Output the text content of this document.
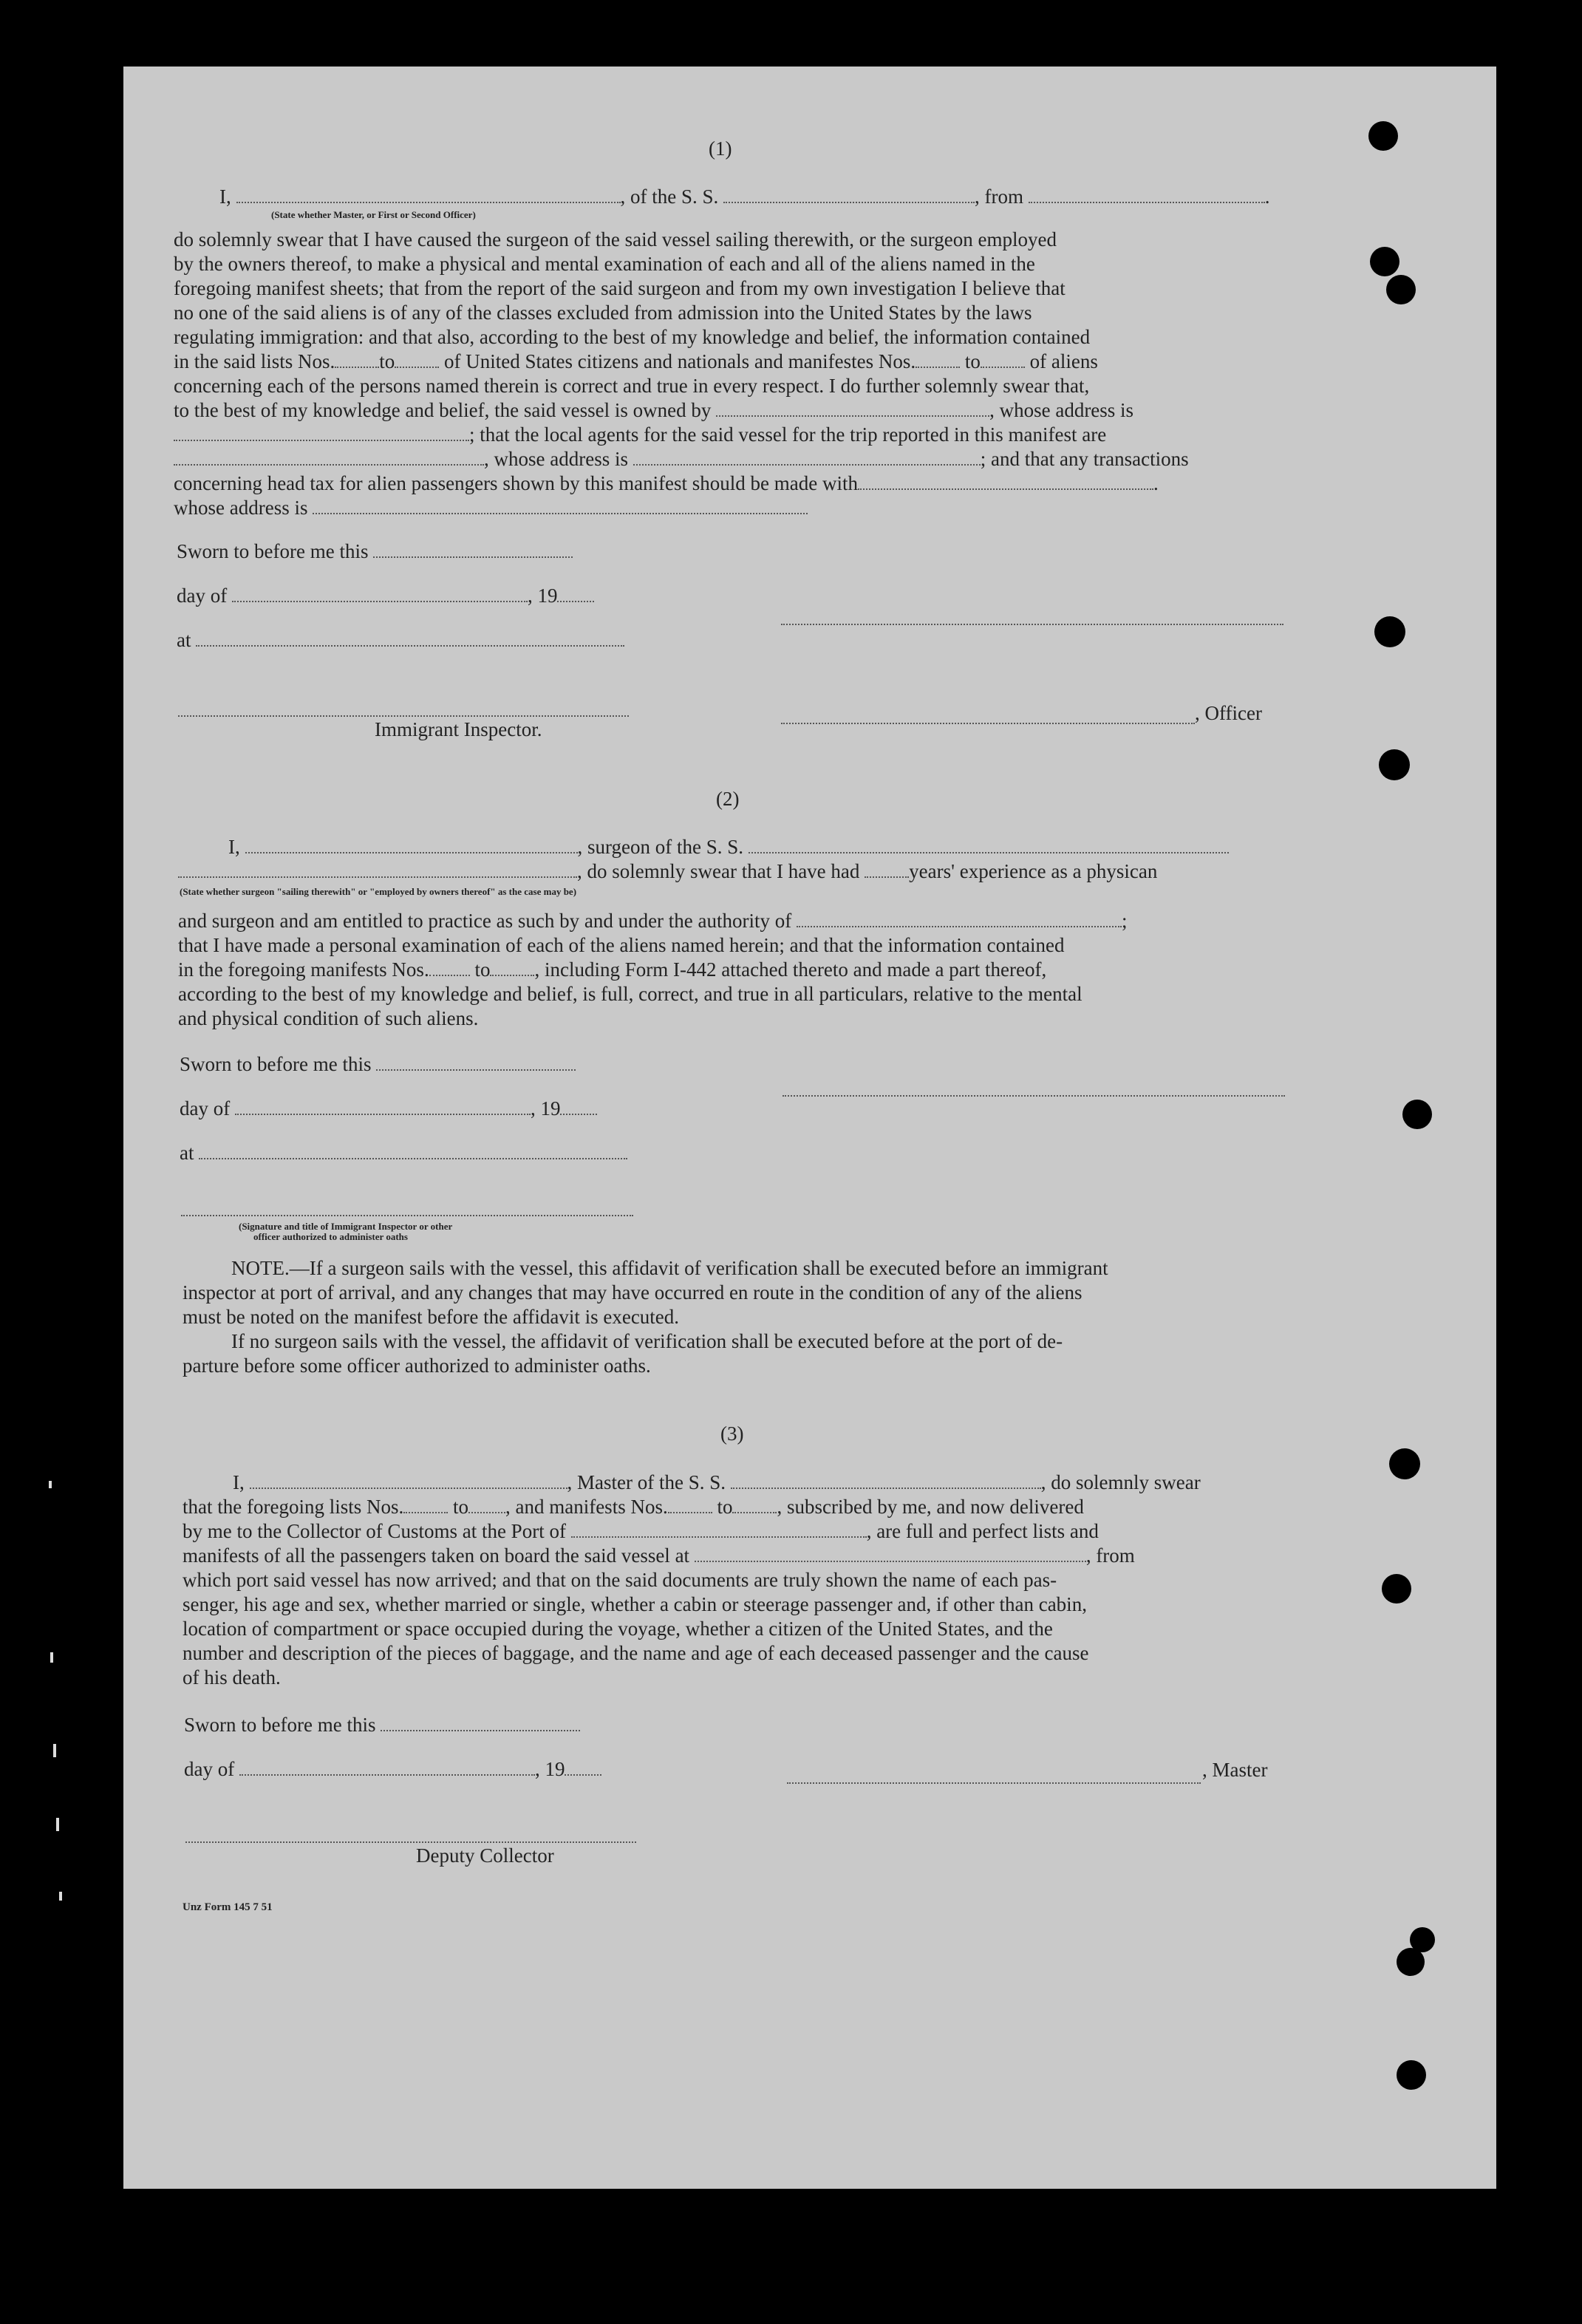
(1)
I,	, of the S. S.	, from	.
(State whether Master, or First or Second Officer)
do solemnly swear that I have caused the surgeon of the said vessel sailing therewith, or the surgeon employed
by the owners thereof, to make a physical and mental examination of each and all of the aliens named in the
foregoing manifest sheets; that from the report of the said surgeon and from my own investigation I believe that
no one of the said aliens is of any of the classes excluded from admission into the United States by the laws
regulating immigration: and that also, according to the best of my knowledge and belief, the information contained
in the said lists Nos. to of United States citizens and nationals and manifestes Nos. to of aliens
concerning each of the persons named therein is correct and true in every respect. I do further solemnly swear that,
to the best of my knowledge and belief, the said vessel is owned by	, whose address is
; that the local agents for the said vessel for the trip reported in this manifest are
, whose address is	; and that any transactions
concerning head tax for alien passengers shown by this manifest should be made with	.
whose address is
Sworn to before me this
day of	, 19
at
, Officer
Immigrant Inspector.
(2)
I,	, surgeon of the S. S.
, do solemnly swear that I have had years' experience as a physican
(State whether surgeon "sailing therewith" or "employed by owners thereof" as the case may be)
and surgeon and am entitled to practice as such by and under the authority of	;
that I have made a personal examination of each of the aliens named herein; and that the information contained
in the foregoing manifests Nos. to , including Form I-442 attached thereto and made a part thereof,
according to the best of my knowledge and belief, is full, correct, and true in all particulars, relative to the mental
and physical condition of such aliens.
Sworn to before me this
day of	, 19
at
(Signature and title of Immigrant Inspector or other
officer authorized to administer oaths
NOTE.—If a surgeon sails with the vessel, this affidavit of verification shall be executed before an immigrant
inspector at port of arrival, and any changes that may have occurred en route in the condition of any of the aliens
must be noted on the manifest before the affidavit is executed.
If no surgeon sails with the vessel, the affidavit of verification shall be executed before at the port of de-
parture before some officer authorized to administer oaths.
(3)
I,	, Master of the S. S.	, do solemnly swear
that the foregoing lists Nos. to , and manifests Nos. to , subscribed by me, and now delivered
by me to the Collector of Customs at the Port of	, are full and perfect lists and
manifests of all the passengers taken on board the said vessel at	, from
which port said vessel has now arrived; and that on the said documents are truly shown the name of each pas-
senger, his age and sex, whether married or single, whether a cabin or steerage passenger and, if other than cabin,
location of compartment or space occupied during the voyage, whether a citizen of the United States, and the
number and description of the pieces of baggage, and the name and age of each deceased passenger and the cause
of his death.
Sworn to before me this
day of	, 19	, Master
Deputy Collector
Unz Form 145 7 51
